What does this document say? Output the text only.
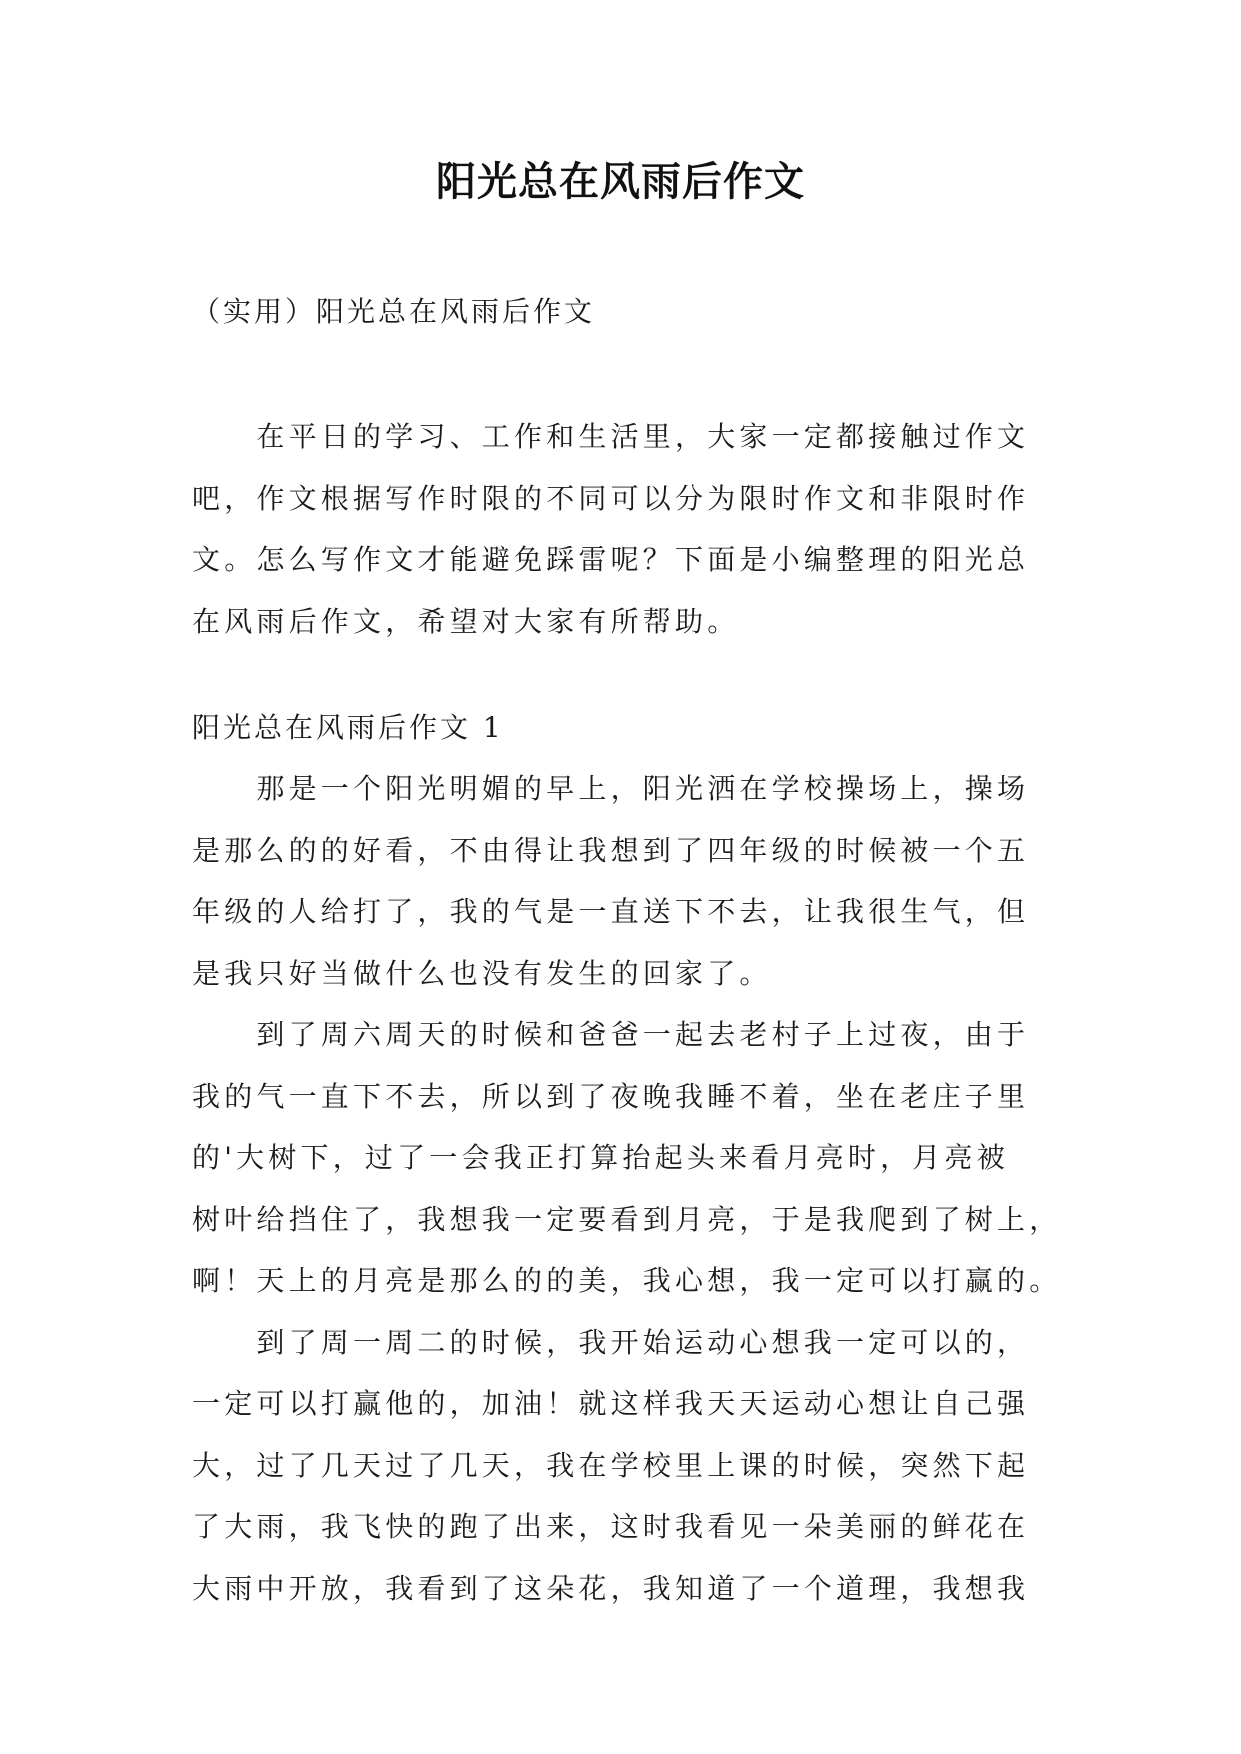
阳光总在风雨后作文
（实用）阳光总在风雨后作文
　　在平日的学习、工作和生活里，大家一定都接触过作文
吧，作文根据写作时限的不同可以分为限时作文和非限时作
文。怎么写作文才能避免踩雷呢？下面是小编整理的阳光总
在风雨后作文，希望对大家有所帮助。
阳光总在风雨后作文 1
　　那是一个阳光明媚的早上，阳光洒在学校操场上，操场
是那么的的好看，不由得让我想到了四年级的时候被一个五
年级的人给打了，我的气是一直送下不去，让我很生气，但
是我只好当做什么也没有发生的回家了。
　　到了周六周天的时候和爸爸一起去老村子上过夜，由于
我的气一直下不去，所以到了夜晚我睡不着，坐在老庄子里
的'大树下，过了一会我正打算抬起头来看月亮时，月亮被
树叶给挡住了，我想我一定要看到月亮，于是我爬到了树上，
啊！天上的月亮是那么的的美，我心想，我一定可以打赢的。
　　到了周一周二的时候，我开始运动心想我一定可以的，
一定可以打赢他的，加油！就这样我天天运动心想让自己强
大，过了几天过了几天，我在学校里上课的时候，突然下起
了大雨，我飞快的跑了出来，这时我看见一朵美丽的鲜花在
大雨中开放，我看到了这朵花，我知道了一个道理，我想我
